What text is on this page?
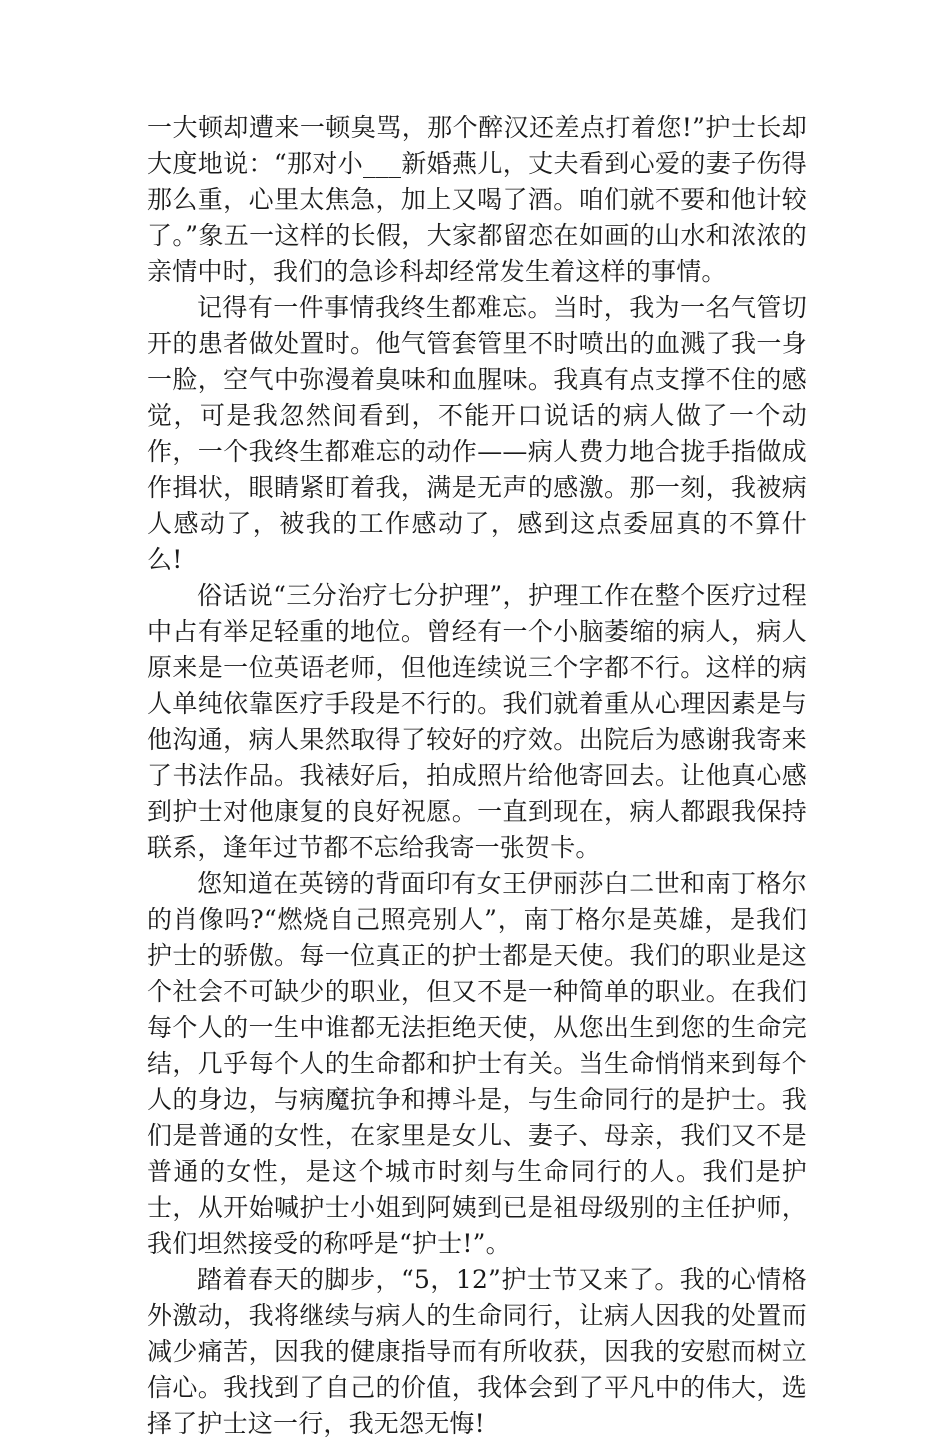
一大顿却遭来一顿臭骂，那个醉汉还差点打着您!”护士长却大度地说：“那对小___新婚燕儿，丈夫看到心爱的妻子伤得那么重，心里太焦急，加上又喝了酒。咱们就不要和他计较了。”象五一这样的长假，大家都留恋在如画的山水和浓浓的亲情中时，我们的急诊科却经常发生着这样的事情。

记得有一件事情我终生都难忘。当时，我为一名气管切开的患者做处置时。他气管套管里不时喷出的血溅了我一身一脸，空气中弥漫着臭味和血腥味。我真有点支撑不住的感觉，可是我忽然间看到，不能开口说话的病人做了一个动作，一个我终生都难忘的动作——病人费力地合拢手指做成作揖状，眼睛紧盯着我，满是无声的感激。那一刻，我被病人感动了，被我的工作感动了，感到这点委屈真的不算什么!

俗话说“三分治疗七分护理”，护理工作在整个医疗过程中占有举足轻重的地位。曾经有一个小脑萎缩的病人，病人原来是一位英语老师，但他连续说三个字都不行。这样的病人单纯依靠医疗手段是不行的。我们就着重从心理因素是与他沟通，病人果然取得了较好的疗效。出院后为感谢我寄来了书法作品。我裱好后，拍成照片给他寄回去。让他真心感到护士对他康复的良好祝愿。一直到现在，病人都跟我保持联系，逢年过节都不忘给我寄一张贺卡。

您知道在英镑的背面印有女王伊丽莎白二世和南丁格尔的肖像吗?“燃烧自己照亮别人”，南丁格尔是英雄，是我们护士的骄傲。每一位真正的护士都是天使。我们的职业是这个社会不可缺少的职业，但又不是一种简单的职业。在我们每个人的一生中谁都无法拒绝天使，从您出生到您的生命完结，几乎每个人的生命都和护士有关。当生命悄悄来到每个人的身边，与病魔抗争和搏斗是，与生命同行的是护士。我们是普通的女性，在家里是女儿、妻子、母亲，我们又不是普通的女性，是这个城市时刻与生命同行的人。我们是护士，从开始喊护士小姐到阿姨到已是祖母级别的主任护师，我们坦然接受的称呼是“护士!”。

踏着春天的脚步，“5，12”护士节又来了。我的心情格外激动，我将继续与病人的生命同行，让病人因我的处置而减少痛苦，因我的健康指导而有所收获，因我的安慰而树立信心。我找到了自己的价值，我体会到了平凡中的伟大，选择了护士这一行，我无怨无悔!
